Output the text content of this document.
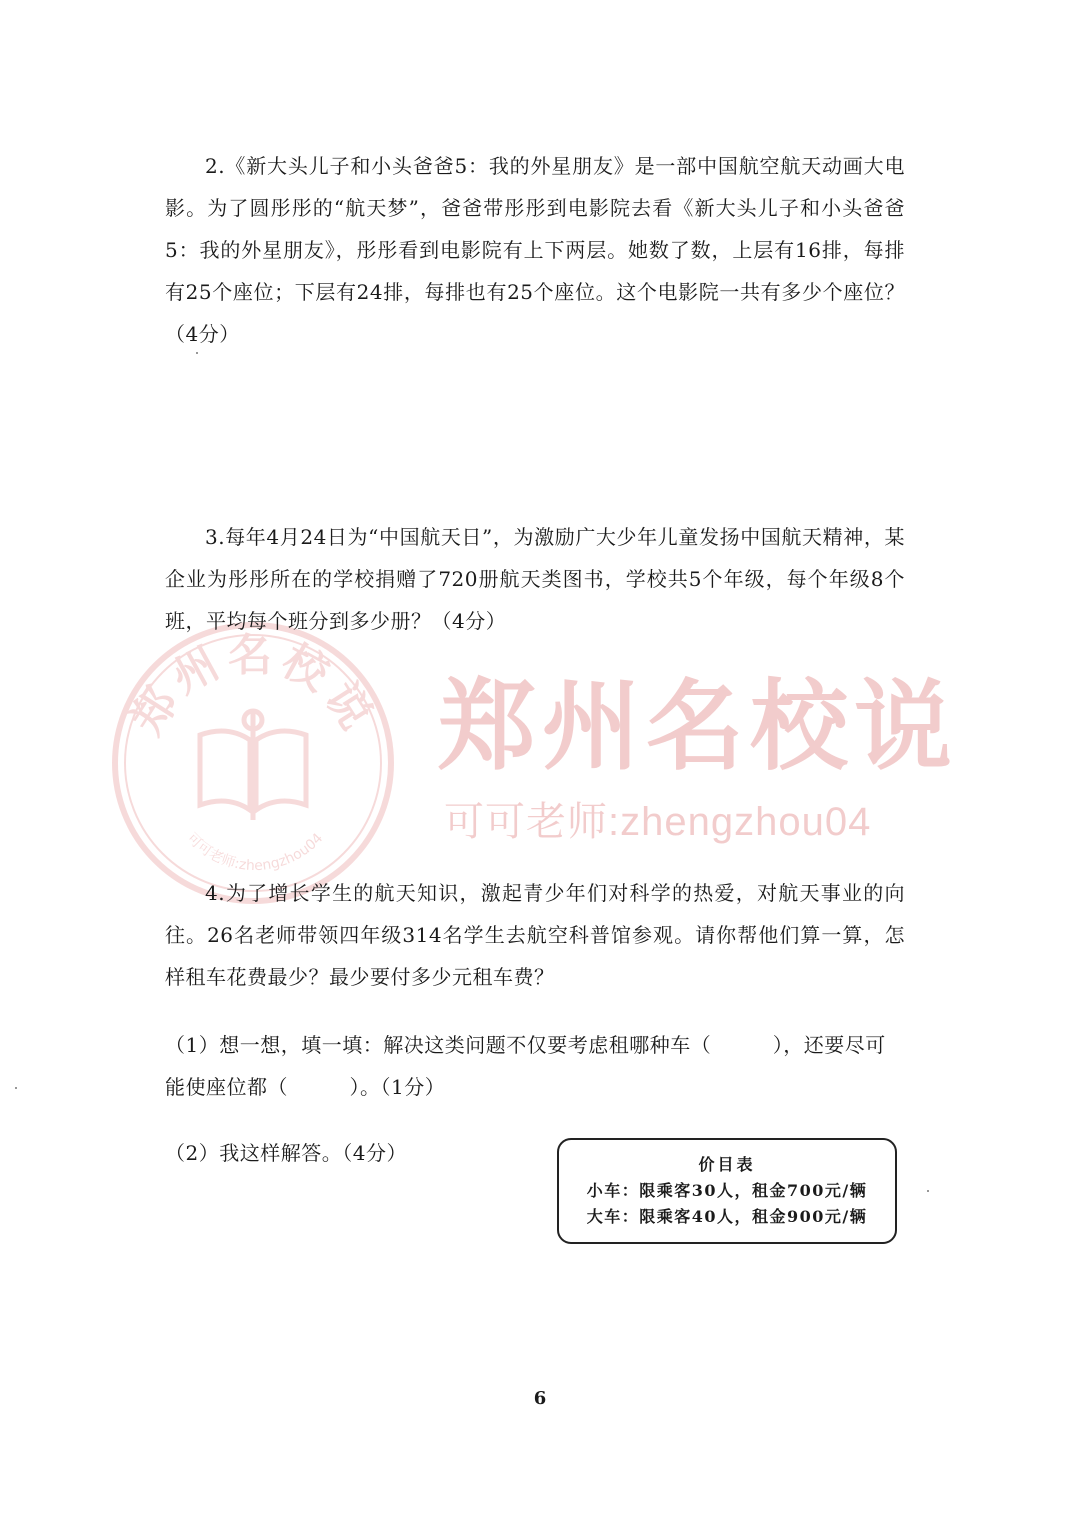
郑州名校说
可可老师:zhengzhou04
郑州名校说
可可老师:zhengzhou04

2.《新大头儿子和小头爸爸5：我的外星朋友》是一部中国航空航天动画大电影。为了圆彤彤的“航天梦”，爸爸带彤彤到电影院去看《新大头儿子和小头爸爸5：我的外星朋友》，彤彤看到电影院有上下两层。她数了数，上层有16排，每排有25个座位；下层有24排，每排也有25个座位。这个电影院一共有多少个座位？（4分）

3.每年4月24日为“中国航天日”，为激励广大少年儿童发扬中国航天精神，某企业为彤彤所在的学校捐赠了720册航天类图书，学校共5个年级，每个年级8个班，平均每个班分到多少册？（4分）

4.为了增长学生的航天知识，激起青少年们对科学的热爱，对航天事业的向往。26名老师带领四年级314名学生去航空科普馆参观。请你帮他们算一算，怎样租车花费最少？最少要付多少元租车费？

（1）想一想，填一填：解决这类问题不仅要考虑租哪种车（　　　），还要尽可能使座位都（　　　）。（1分）

（2）我这样解答。（4分）	价目表
小车：限乘客30人，租金700元/辆
大车：限乘客40人，租金900元/辆
6
